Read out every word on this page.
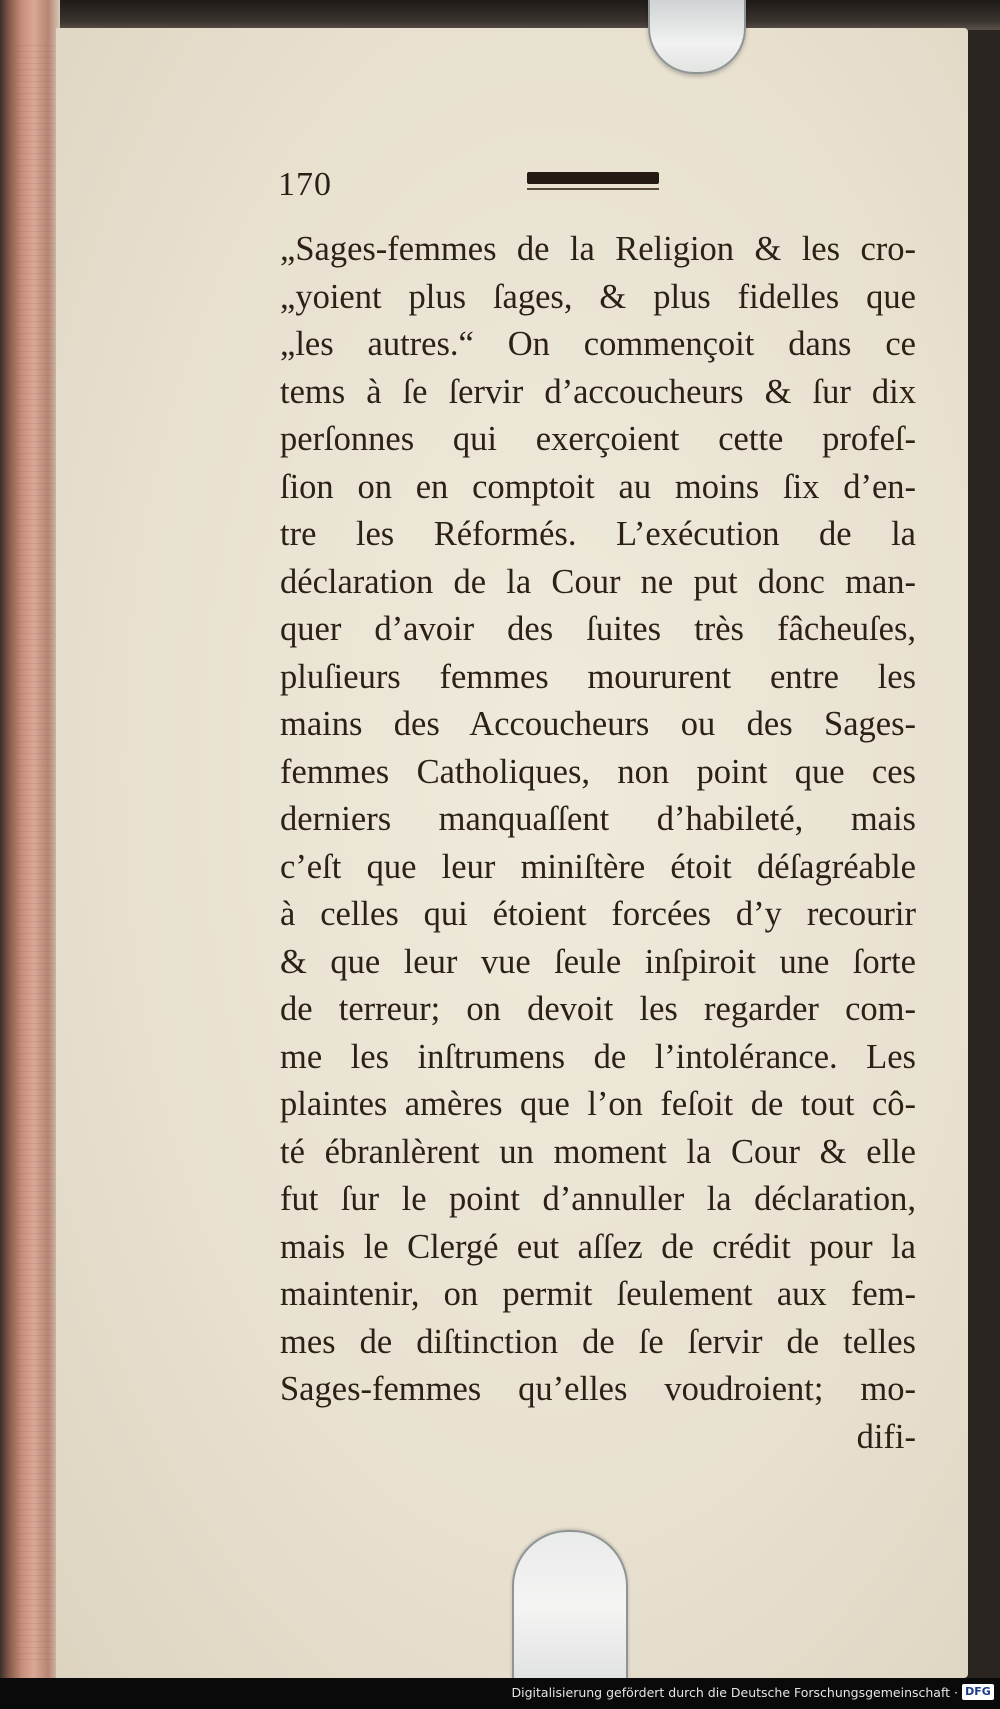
170
„Sages-femmes de la Religion & les cro-
„yoient plus ſages, & plus fidelles que
„les autres.“ On commençoit dans ce
tems à ſe ſervir d’accoucheurs & ſur dix
perſonnes qui exerçoient cette profeſ-
ſion on en comptoit au moins ſix d’en-
tre les Réformés. L’exécution de la
déclaration de la Cour ne put donc man-
quer d’avoir des ſuites très fâcheuſes,
pluſieurs femmes moururent entre les
mains des Accoucheurs ou des Sages-
femmes Catholiques, non point que ces
derniers manquaſſent d’habileté, mais
c’eſt que leur miniſtère étoit déſagréable
à celles qui étoient forcées d’y recourir
& que leur vue ſeule inſpiroit une ſorte
de terreur; on devoit les regarder com-
me les inſtrumens de l’intolérance. Les
plaintes amères que l’on feſoit de tout cô-
té ébranlèrent un moment la Cour & elle
fut ſur le point d’annuller la déclaration,
mais le Clergé eut aſſez de crédit pour la
maintenir, on permit ſeulement aux fem-
mes de diſtinction de ſe ſervir de telles
Sages-femmes qu’elles voudroient; mo-
difi-
Digitalisierung gefördert durch die Deutsche Forschungsgemeinschaft · DFG
